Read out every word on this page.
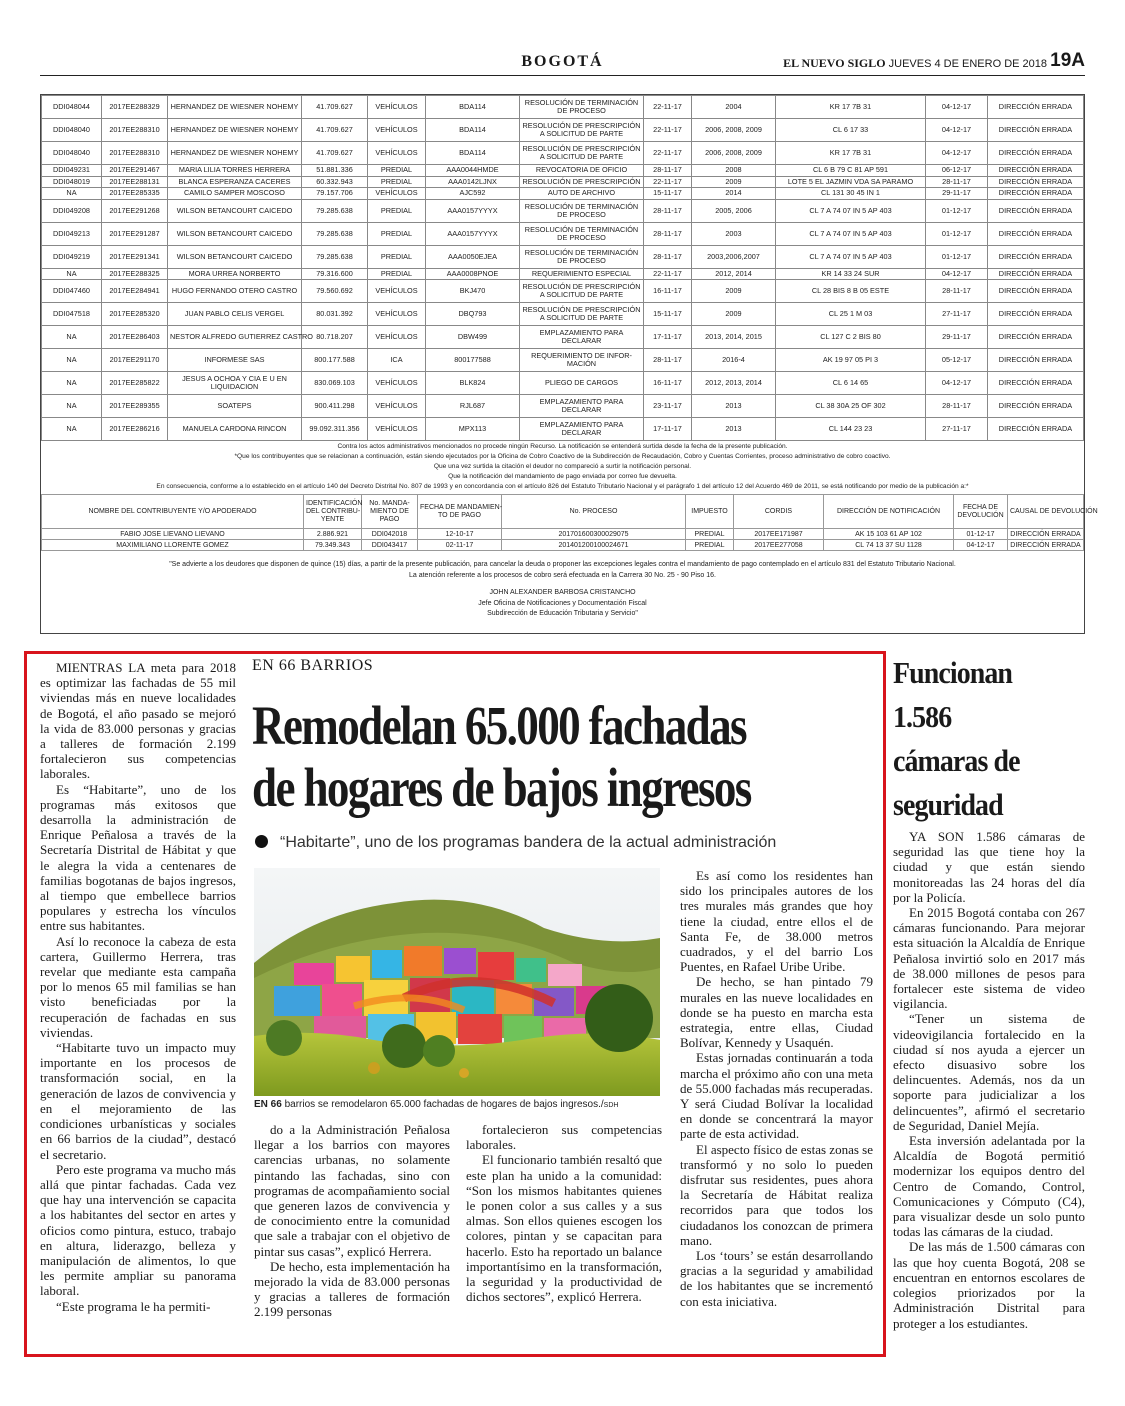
BOGOTÁ	EL NUEVO SIGLO JUEVES 4 DE ENERO DE 2018 19A
DDI048044	2017EE288329	HERNANDEZ DE WIESNER NOHEMY	41.709.627	VEHÍCULOS	BDA114	RESOLUCIÓN DE TERMINACIÓN
DE PROCESO	22-11-17	2004	KR 17 7B 31	04-12-17	DIRECCIÓN ERRADA
DDI048040	2017EE288310	HERNANDEZ DE WIESNER NOHEMY	41.709.627	VEHÍCULOS	BDA114	RESOLUCIÓN DE PRESCRIPCIÓN
A SOLICITUD DE PARTE	22-11-17	2006, 2008, 2009	CL 6 17 33	04-12-17	DIRECCIÓN ERRADA
DDI048040	2017EE288310	HERNANDEZ DE WIESNER NOHEMY	41.709.627	VEHÍCULOS	BDA114	RESOLUCIÓN DE PRESCRIPCIÓN
A SOLICITUD DE PARTE	22-11-17	2006, 2008, 2009	KR 17 7B 31	04-12-17	DIRECCIÓN ERRADA
DDI049231	2017EE291467	MARIA LILIA TORRES HERRERA	51.881.336	PREDIAL	AAA0044HMDE	REVOCATORIA DE OFICIO	28-11-17	2008	CL 6 B 79 C 81 AP 591	06-12-17	DIRECCIÓN ERRADA
DDI048019	2017EE288131	BLANCA ESPERANZA CACERES	60.332.943	PREDIAL	AAA0142LJNX	RESOLUCIÓN DE PRESCRIPCIÓN	22-11-17	2009	LOTE 5 EL JAZMIN VDA SA PARAMO	28-11-17	DIRECCIÓN ERRADA
NA	2017EE285335	CAMILO SAMPER MOSCOSO	79.157.706	VEHÍCULOS	AJC592	AUTO DE ARCHIVO	15-11-17	2014	CL 131 30 45 IN 1	29-11-17	DIRECCIÓN ERRADA
DDI049208	2017EE291268	WILSON BETANCOURT CAICEDO	79.285.638	PREDIAL	AAA0157YYYX	RESOLUCIÓN DE TERMINACIÓN
DE PROCESO	28-11-17	2005, 2006	CL 7 A 74 07 IN 5 AP 403	01-12-17	DIRECCIÓN ERRADA
DDI049213	2017EE291287	WILSON BETANCOURT CAICEDO	79.285.638	PREDIAL	AAA0157YYYX	RESOLUCIÓN DE TERMINACIÓN
DE PROCESO	28-11-17	2003	CL 7 A 74 07 IN 5 AP 403	01-12-17	DIRECCIÓN ERRADA
DDI049219	2017EE291341	WILSON BETANCOURT CAICEDO	79.285.638	PREDIAL	AAA0050EJEA	RESOLUCIÓN DE TERMINACIÓN
DE PROCESO	28-11-17	2003,2006,2007	CL 7 A 74 07 IN 5 AP 403	01-12-17	DIRECCIÓN ERRADA
NA	2017EE288325	MORA URREA NORBERTO	79.316.600	PREDIAL	AAA0008PNOE	REQUERIMIENTO ESPECIAL	22-11-17	2012, 2014	KR 14 33 24 SUR	04-12-17	DIRECCIÓN ERRADA
DDI047460	2017EE284941	HUGO FERNANDO OTERO CASTRO	79.560.692	VEHÍCULOS	BKJ470	RESOLUCIÓN DE PRESCRIPCIÓN
A SOLICITUD DE PARTE	16-11-17	2009	CL 28 BIS 8 B 05 ESTE	28-11-17	DIRECCIÓN ERRADA
DDI047518	2017EE285320	JUAN PABLO CELIS VERGEL	80.031.392	VEHÍCULOS	DBQ793	RESOLUCIÓN DE PRESCRIPCIÓN
A SOLICITUD DE PARTE	15-11-17	2009	CL 25 1 M 03	27-11-17	DIRECCIÓN ERRADA
NA	2017EE286403	NESTOR ALFREDO GUTIERREZ CASTRO	80.718.207	VEHÍCULOS	DBW499	EMPLAZAMIENTO PARA
DECLARAR	17-11-17	2013, 2014, 2015	CL 127 C 2 BIS 80	29-11-17	DIRECCIÓN ERRADA
NA	2017EE291170	INFORMESE SAS	800.177.588	ICA	800177588	REQUERIMIENTO DE INFOR-
MACIÓN	28-11-17	2016-4	AK 19 97 05 PI 3	05-12-17	DIRECCIÓN ERRADA
NA	2017EE285822	JESUS A OCHOA Y CIA E U EN
LIQUIDACION	830.069.103	VEHÍCULOS	BLK824	PLIEGO DE CARGOS	16-11-17	2012, 2013, 2014	CL 6 14 65	04-12-17	DIRECCIÓN ERRADA
NA	2017EE289355	SOATEPS	900.411.298	VEHÍCULOS	RJL687	EMPLAZAMIENTO PARA
DECLARAR	23-11-17	2013	CL 38 30A 25 OF 302	28-11-17	DIRECCIÓN ERRADA
NA	2017EE286216	MANUELA CARDONA RINCON	99.092.311.356	VEHÍCULOS	MPX113	EMPLAZAMIENTO PARA
DECLARAR	17-11-17	2013	CL 144 23 23	27-11-17	DIRECCIÓN ERRADA
Contra los actos administrativos mencionados no procede ningún Recurso. La notificación se entenderá surtida desde la fecha de la presente publicación.
*Que los contribuyentes que se relacionan a continuación, están siendo ejecutados por la Oficina de Cobro Coactivo de la Subdirección de Recaudación, Cobro y Cuentas Corrientes, proceso administrativo de cobro coactivo.
Que una vez surtida la citación el deudor no compareció a surtir la notificación personal.
Que la notificación del mandamiento de pago enviada por correo fue devuelta.
En consecuencia, conforme a lo establecido en el artículo 140 del Decreto Distrital No. 807 de 1993 y en concordancia con el artículo 826 del Estatuto Tributario Nacional y el parágrafo 1 del artículo 12 del Acuerdo 469 de 2011, se está notificando por medio de la publicación a:*
NOMBRE DEL CONTRIBUYENTE Y/O APODERADO	IDENTIFICACIÓN
DEL CONTRIBU-
YENTE	No. MANDA-
MIENTO DE
PAGO	FECHA DE MANDAMIEN-
TO DE PAGO	No. PROCESO	IMPUESTO	CORDIS	DIRECCIÓN DE NOTIFICACIÓN	FECHA DE
DEVOLUCIÓN	CAUSAL DE DEVOLUCIÓN
FABIO JOSE LIEVANO LIEVANO	2.886.921	DDI042018	12-10-17	201701600300029075	PREDIAL	2017EE171987	AK 15 103 61 AP 102	01-12-17	DIRECCIÓN ERRADA
MAXIMILIANO LLORENTE GOMEZ	79.349.343	DDI043417	02-11-17	201401200100024671	PREDIAL	2017EE277058	CL 74 13 37 SU 1128	04-12-17	DIRECCIÓN ERRADA
"Se advierte a los deudores que disponen de quince (15) días, a partir de la presente publicación, para cancelar la deuda o proponer las excepciones legales contra el mandamiento de pago contemplado en el artículo 831 del Estatuto Tributario Nacional.
La atención referente a los procesos de cobro será efectuada en la Carrera 30 No. 25 - 90 Piso 16.
JOHN ALEXANDER BARBOSA CRISTANCHO
Jefe Oficina de Notificaciones y Documentación Fiscal
Subdirección de Educación Tributaria y Servicio"

MIENTRAS LA meta para 2018 es optimizar las fachadas de 55 mil viviendas más en nueve localidades de Bogotá, el año pasado se mejoró la vida de 83.000 personas y gracias a talleres de formación 2.199 fortalecieron sus competencias laborales.

Es “Habitarte”, uno de los programas más exitosos que desarrolla la administración de Enrique Peñalosa a través de la Secretaría Distrital de Hábitat y que le alegra la vida a centenares de familias bogotanas de bajos ingresos, al tiempo que embellece barrios populares y estrecha los vínculos entre sus habitantes.

Así lo reconoce la cabeza de esta cartera, Guillermo Herrera, tras revelar que mediante esta campaña por lo menos 65 mil familias se han visto beneficiadas por la recuperación de fachadas en sus viviendas.

“Habitarte tuvo un impacto muy importante en los procesos de transformación social, en la generación de lazos de convivencia y en el mejoramiento de las condiciones urbanísticas y sociales en 66 barrios de la ciudad”, destacó el secretario.

Pero este programa va mucho más allá que pintar fachadas. Cada vez que hay una intervención se capacita a los habitantes del sector en artes y oficios como pintura, estuco, trabajo en altura, liderazgo, belleza y manipulación de alimentos, lo que les permite ampliar su panorama laboral.

“Este programa le ha permiti-

EN 66 BARRIOS
Remodelan 65.000 fachadas
de hogares de bajos ingresos
“Habitarte”, uno de los programas bandera de la actual administración
EN 66 barrios se remodelaron 65.000 fachadas de hogares de bajos ingresos./SDH

do a la Administración Peñalosa llegar a los barrios con mayores carencias urbanas, no solamente pintando las fachadas, sino con programas de acompañamiento social que generen lazos de convivencia y de conocimiento entre la comunidad que sale a trabajar con el objetivo de pintar sus casas”, explicó Herrera.

De hecho, esta implementación ha mejorado la vida de 83.000 personas y gracias a talleres de formación 2.199 personas

fortalecieron sus competencias laborales.

El funcionario también resaltó que este plan ha unido a la comunidad: “Son los mismos habitantes quienes le ponen color a sus calles y a sus almas. Son ellos quienes escogen los colores, pintan y se capacitan para hacerlo. Esto ha reportado un balance importantísimo en la transformación, la seguridad y la productividad de dichos sectores”, explicó Herrera.

Es así como los residentes han sido los principales autores de los tres murales más grandes que hoy tiene la ciudad, entre ellos el de Santa Fe, de 38.000 metros cuadrados, y el del barrio Los Puentes, en Rafael Uribe Uribe.

De hecho, se han pintado 79 murales en las nueve localidades en donde se ha puesto en marcha esta estrategia, entre ellas, Ciudad Bolívar, Kennedy y Usaquén.

Estas jornadas continuarán a toda marcha el próximo año con una meta de 55.000 fachadas más recuperadas. Y será Ciudad Bolívar la localidad en donde se concentrará la mayor parte de esta actividad.

El aspecto físico de estas zonas se transformó y no solo lo pueden disfrutar sus residentes, pues ahora la Secretaría de Hábitat realiza recorridos para que todos los ciudadanos los conozcan de primera mano.

Los ‘tours’ se están desarrollando gracias a la seguridad y amabilidad de los habitantes que se incrementó con esta iniciativa.

Funcionan
1.586
cámaras de
seguridad

YA SON 1.586 cámaras de seguridad las que tiene hoy la ciudad y que están siendo monitoreadas las 24 horas del día por la Policía.

En 2015 Bogotá contaba con 267 cámaras funcionando. Para mejorar esta situación la Alcaldía de Enrique Peñalosa invirtió solo en 2017 más de 38.000 millones de pesos para fortalecer este sistema de video vigilancia.

“Tener un sistema de videovigilancia fortalecido en la ciudad sí nos ayuda a ejercer un efecto disuasivo sobre los delincuentes. Además, nos da un soporte para judicializar a los delincuentes”, afirmó el secretario de Seguridad, Daniel Mejía.

Esta inversión adelantada por la Alcaldía de Bogotá permitió modernizar los equipos dentro del Centro de Comando, Control, Comunicaciones y Cómputo (C4), para visualizar desde un solo punto todas las cámaras de la ciudad.

De las más de 1.500 cámaras con las que hoy cuenta Bogotá, 208 se encuentran en entornos escolares de colegios priorizados por la Administración Distrital para proteger a los estudiantes.
